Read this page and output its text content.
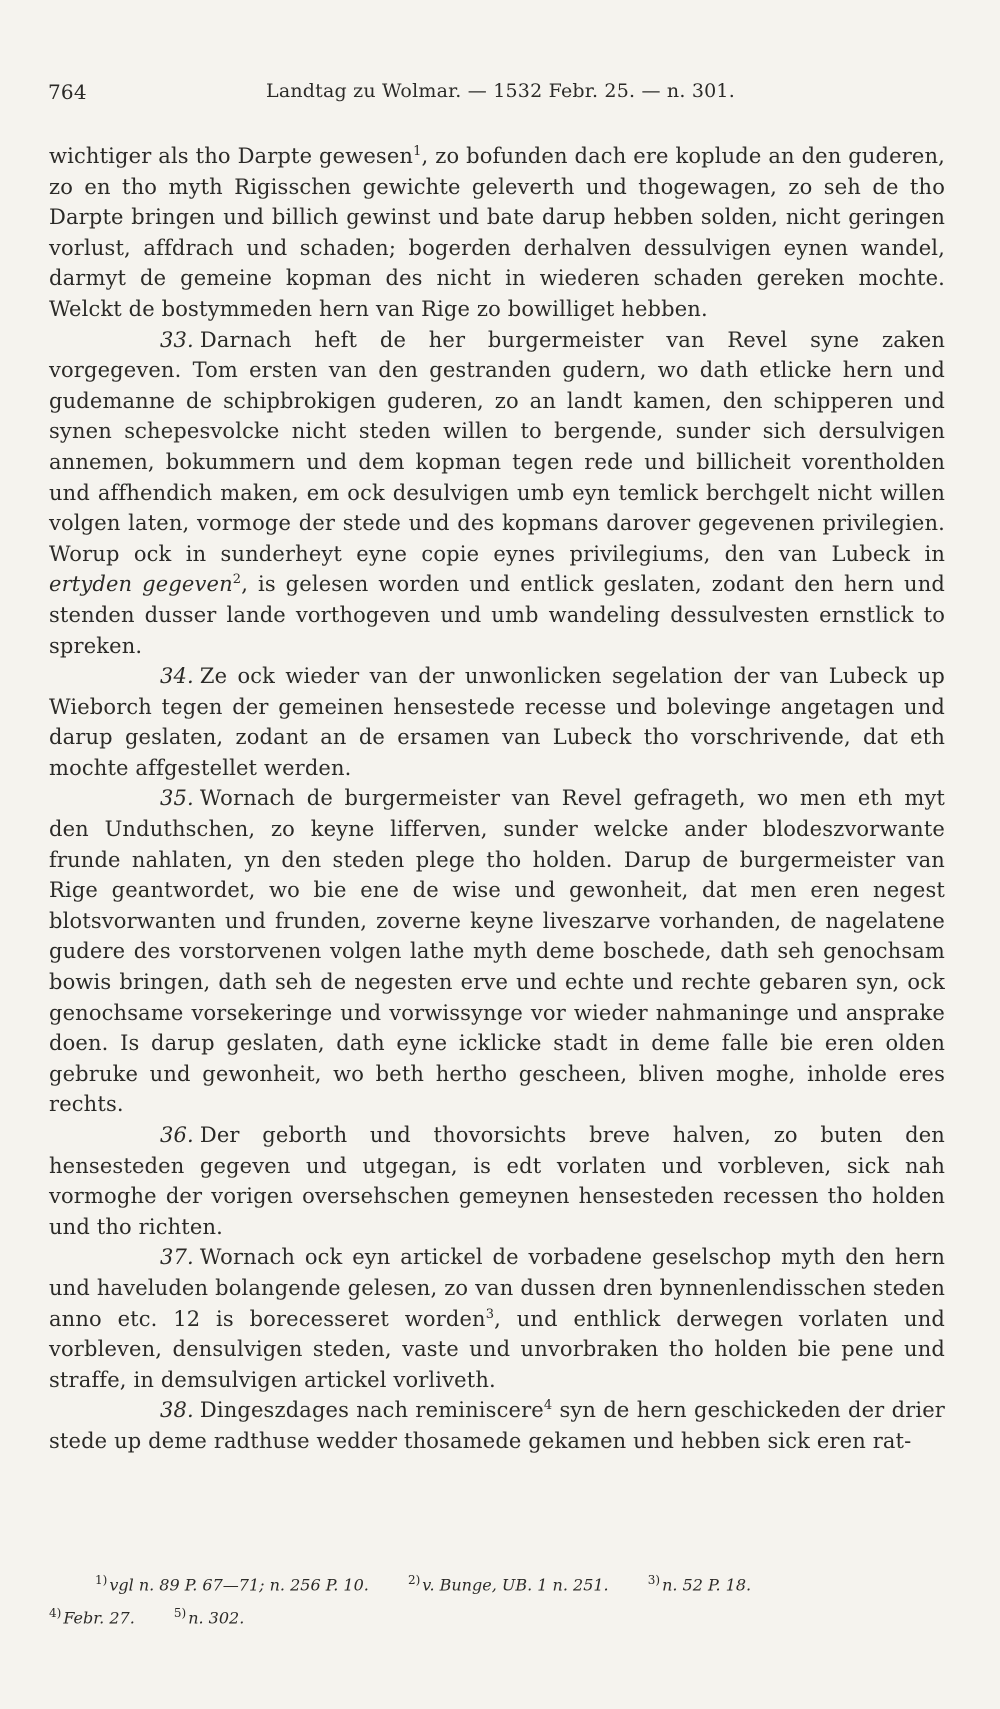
764	Landtag zu Wolmar. — 1532 Febr. 25. — n. 301.

wichtiger als tho Darpte gewesen$^1$, zo bofunden dach ere koplude an den guderen, zo en tho myth Rigisschen gewichte geleverth und thogewagen, zo seh de tho Darpte bringen und billich gewinst und bate darup hebben solden, nicht geringen vorlust, affdrach und schaden; bogerden derhalven dessulvigen eynen wandel, darmyt de gemeine kopman des nicht in wiederen schaden gereken mochte. Welckt de bostymmeden hern van Rige zo bowilliget hebben.

33. Darnach heft de her burgermeister van Revel syne zaken vorgegeven. Tom ersten van den gestranden gudern, wo dath etlicke hern und gudemanne de schipbrokigen guderen, zo an landt kamen, den schipperen und synen schepesvolcke nicht steden willen to bergende, sunder sich dersulvigen annemen, bokummern und dem kopman tegen rede und billicheit vorentholden und affhendich maken, em ock desulvigen umb eyn temlick berchgelt nicht willen volgen laten, vormoge der stede und des kopmans darover gegevenen privilegien. Worup ock in sunderheyt eyne copie eynes privilegiums, den van Lubeck in ertyden gegeven$^2$, is gelesen worden und entlick geslaten, zodant den hern und stenden dusser lande vorthogeven und umb wandeling dessulvesten ernstlick to spreken.

34. Ze ock wieder van der unwonlicken segelation der van Lubeck up Wieborch tegen der gemeinen hensestede recesse und bolevinge angetagen und darup geslaten, zodant an de ersamen van Lubeck tho vorschrivende, dat eth mochte affgestellet werden.

35. Wornach de burgermeister van Revel gefrageth, wo men eth myt den Unduthschen, zo keyne lifferven, sunder welcke ander blodeszvorwante frunde nahlaten, yn den steden plege tho holden. Darup de burgermeister van Rige geantwordet, wo bie ene de wise und gewonheit, dat men eren negest blotsvorwanten und frunden, zoverne keyne liveszarve vorhanden, de nagelatene gudere des vorstorvenen volgen lathe myth deme boschede, dath seh genochsam bowis bringen, dath seh de negesten erve und echte und rechte gebaren syn, ock genochsame vorsekeringe und vorwissynge vor wieder nahmaninge und ansprake doen. Is darup geslaten, dath eyne icklicke stadt in deme falle bie eren olden gebruke und gewonheit, wo beth hertho gescheen, bliven moghe, inholde eres rechts.

36. Der geborth und thovorsichts breve halven, zo buten den hensesteden gegeven und utgegan, is edt vorlaten und vorbleven, sick nah vormoghe der vorigen oversehschen gemeynen hensesteden recessen tho holden und tho richten.

37. Wornach ock eyn artickel de vorbadene geselschop myth den hern und haveluden bolangende gelesen, zo van dussen dren bynnenlendisschen steden anno etc. 12 is borecesseret worden$^3$, und enthlick derwegen vorlaten und vorbleven, densulvigen steden, vaste und unvorbraken tho holden bie pene und straffe, in demsulvigen artickel vorliveth.

38. Dingeszdages nach reminiscere$^4$ syn de hern geschickeden der drier stede up deme radthuse wedder thosamede gekamen und hebben sick eren rat-

$^{1)}$ vgl n. 89 P. 67—71; n. 256 P. 10.	$^{2)}$ v. Bunge, UB. 1 n. 251.	$^{3)}$ n. 52 P. 18.
$^{4)}$ Febr. 27.	$^{5)}$ n. 302.
